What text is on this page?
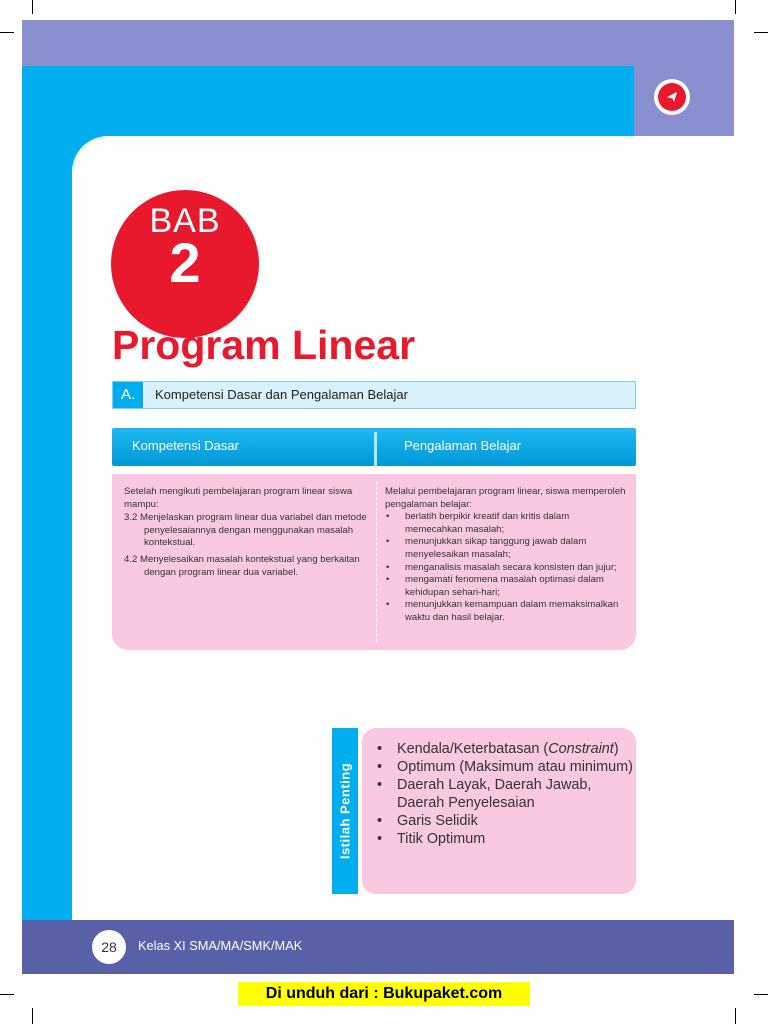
BAB
2
Program Linear
A.	Kompetensi Dasar dan Pengalaman Belajar
Kompetensi Dasar	Pengalaman Belajar
Setelah mengikuti pembelajaran program linear siswa mampu:
3.2 Menjelaskan program linear dua variabel dan metode penyelesaiannya dengan menggunakan masalah kontekstual.
4.2 Menyelesaikan masalah kontekstual yang berkaitan dengan program linear dua variabel.
Melalui pembelajaran program linear, siswa memperoleh pengalaman belajar:
• berlatih berpikir kreatif dan kritis dalam memecahkan masalah;
• menunjukkan sikap tanggung jawab dalam menyelesaikan masalah;
• menganalisis masalah secara konsisten dan jujur;
• mengamati fenomena masalah optimasi dalam kehidupan sehari-hari;
• menunjukkan kemampuan dalam memaksimalkan waktu dan hasil belajar.
Istilah Penting
• Kendala/Keterbatasan (Constraint)
• Optimum (Maksimum atau minimum)
• Daerah Layak, Daerah Jawab, Daerah Penyelesaian
• Garis Selidik
• Titik Optimum
28	Kelas XI SMA/MA/SMK/MAK
Di unduh dari : Bukupaket.com
